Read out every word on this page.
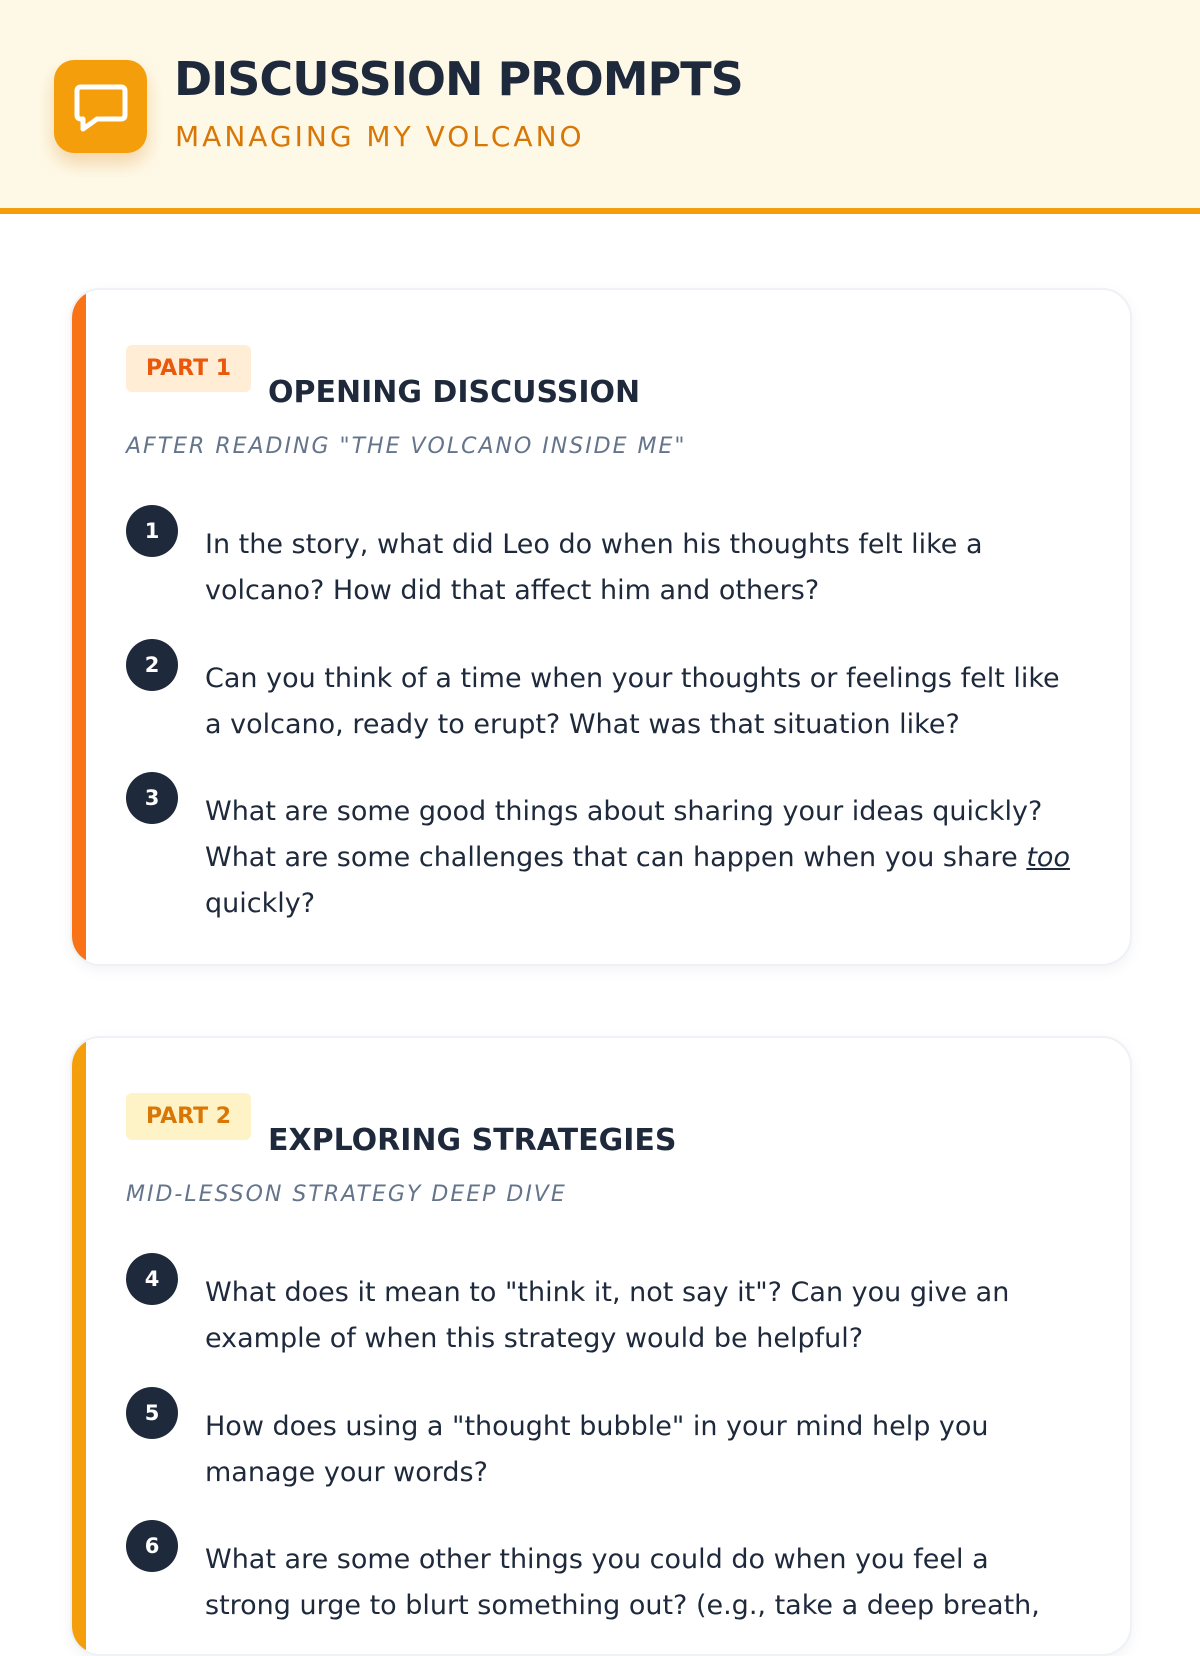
DISCUSSION PROMPTS
MANAGING MY VOLCANO
PART 1
OPENING DISCUSSION
AFTER READING "THE VOLCANO INSIDE ME"
1	In the story, what did Leo do when his thoughts felt like a volcano? How did that affect him and others?

2	Can you think of a time when your thoughts or feelings felt like a volcano, ready to erupt? What was that situation like?

3	What are some good things about sharing your ideas quickly? What are some challenges that can happen when you share too quickly?

PART 2
EXPLORING STRATEGIES
MID-LESSON STRATEGY DEEP DIVE
4	What does it mean to "think it, not say it"? Can you give an example of when this strategy would be helpful?

5	How does using a "thought bubble" in your mind help you manage your words?

6	What are some other things you could do when you feel a strong urge to blurt something out? (e.g., take a deep breath,
